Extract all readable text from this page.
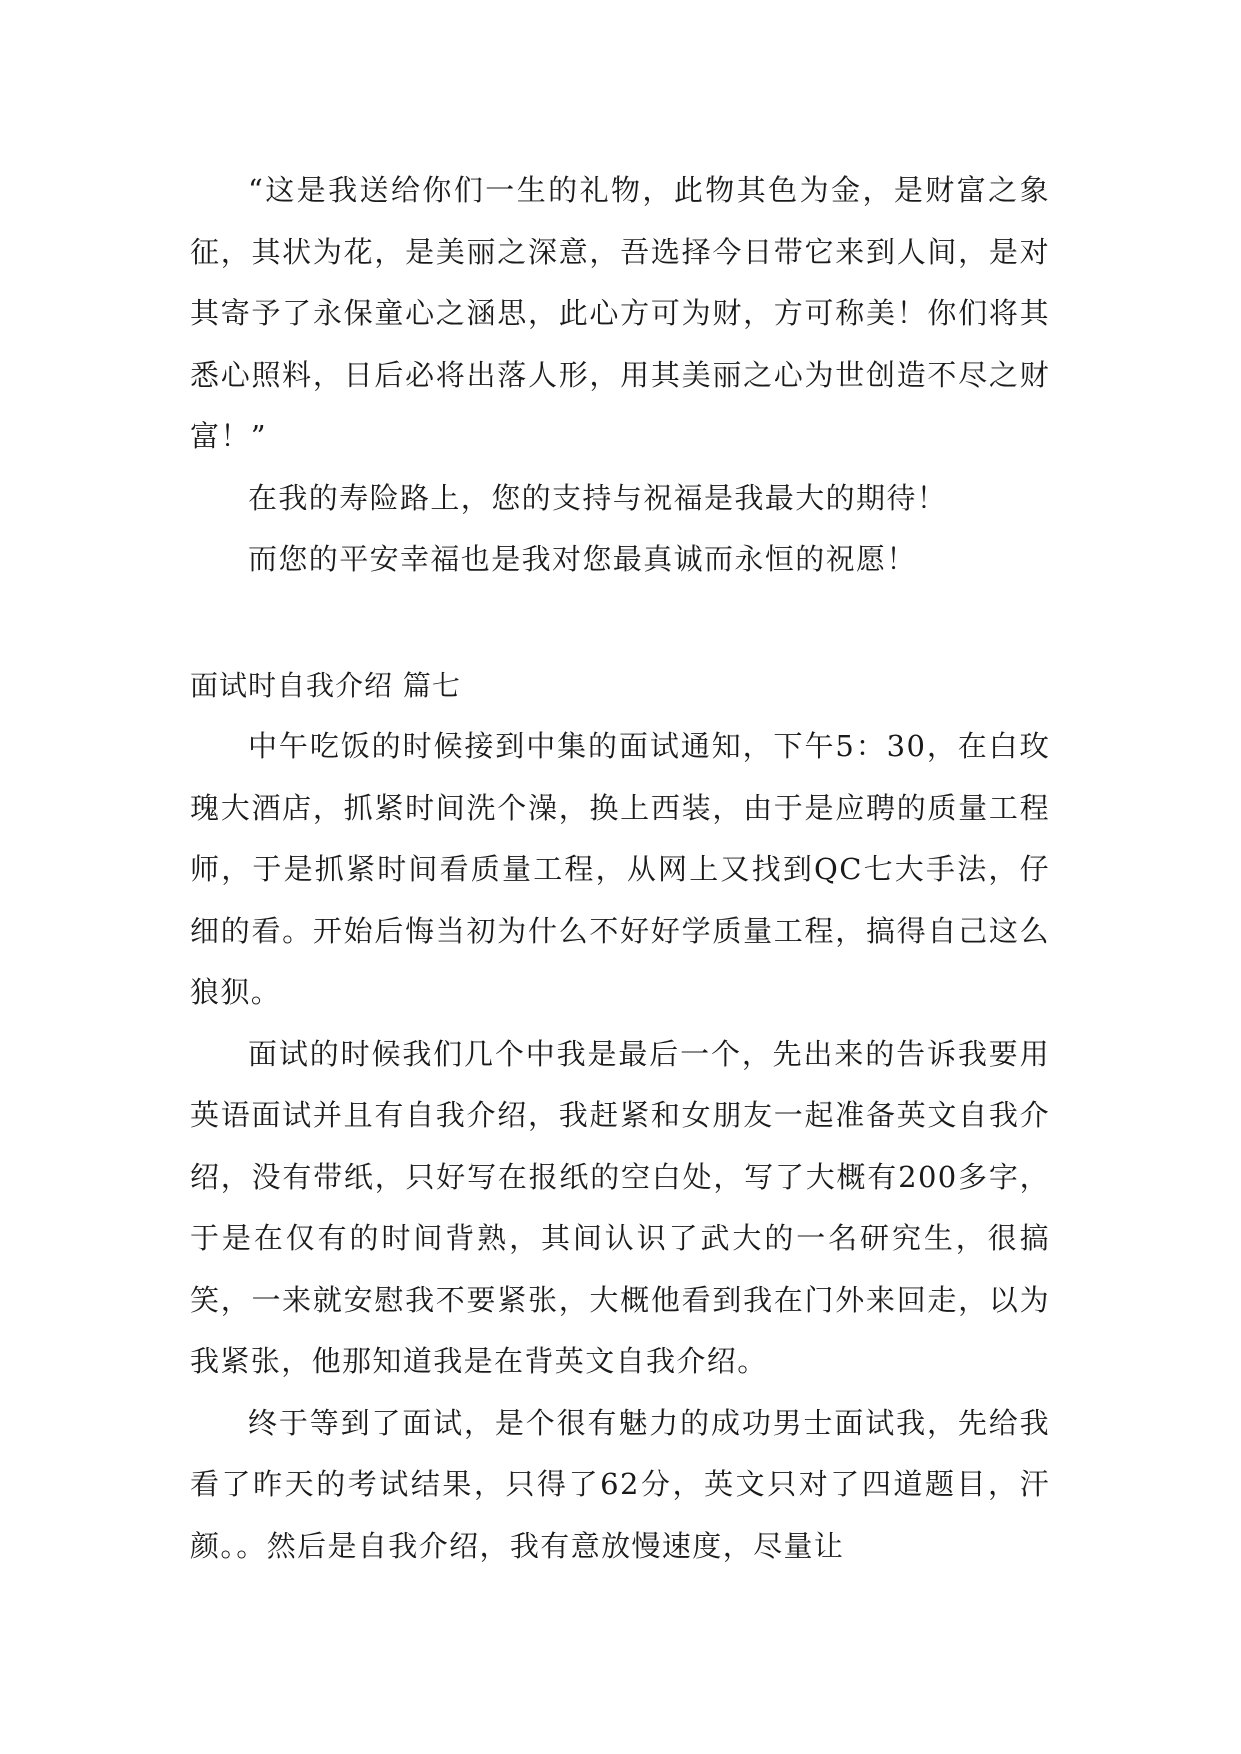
“这是我送给你们一生的礼物，此物其色为金，是财富之象征，其状为花，是美丽之深意，吾选择今日带它来到人间，是对其寄予了永保童心之涵思，此心方可为财，方可称美！你们将其悉心照料，日后必将出落人形，用其美丽之心为世创造不尽之财富！”

在我的寿险路上，您的支持与祝福是我最大的期待！

而您的平安幸福也是我对您最真诚而永恒的祝愿！

面试时自我介绍 篇七

中午吃饭的时候接到中集的面试通知，下午5：30，在白玫瑰大酒店，抓紧时间洗个澡，换上西装，由于是应聘的质量工程师，于是抓紧时间看质量工程，从网上又找到QC七大手法，仔细的看。开始后悔当初为什么不好好学质量工程，搞得自己这么狼狈。

面试的时候我们几个中我是最后一个，先出来的告诉我要用英语面试并且有自我介绍，我赶紧和女朋友一起准备英文自我介绍，没有带纸，只好写在报纸的空白处，写了大概有200多字，于是在仅有的时间背熟，其间认识了武大的一名研究生，很搞笑，一来就安慰我不要紧张，大概他看到我在门外来回走，以为我紧张，他那知道我是在背英文自我介绍。

终于等到了面试，是个很有魅力的成功男士面试我，先给我看了昨天的考试结果，只得了62分，英文只对了四道题目，汗颜。。然后是自我介绍，我有意放慢速度，尽量让
